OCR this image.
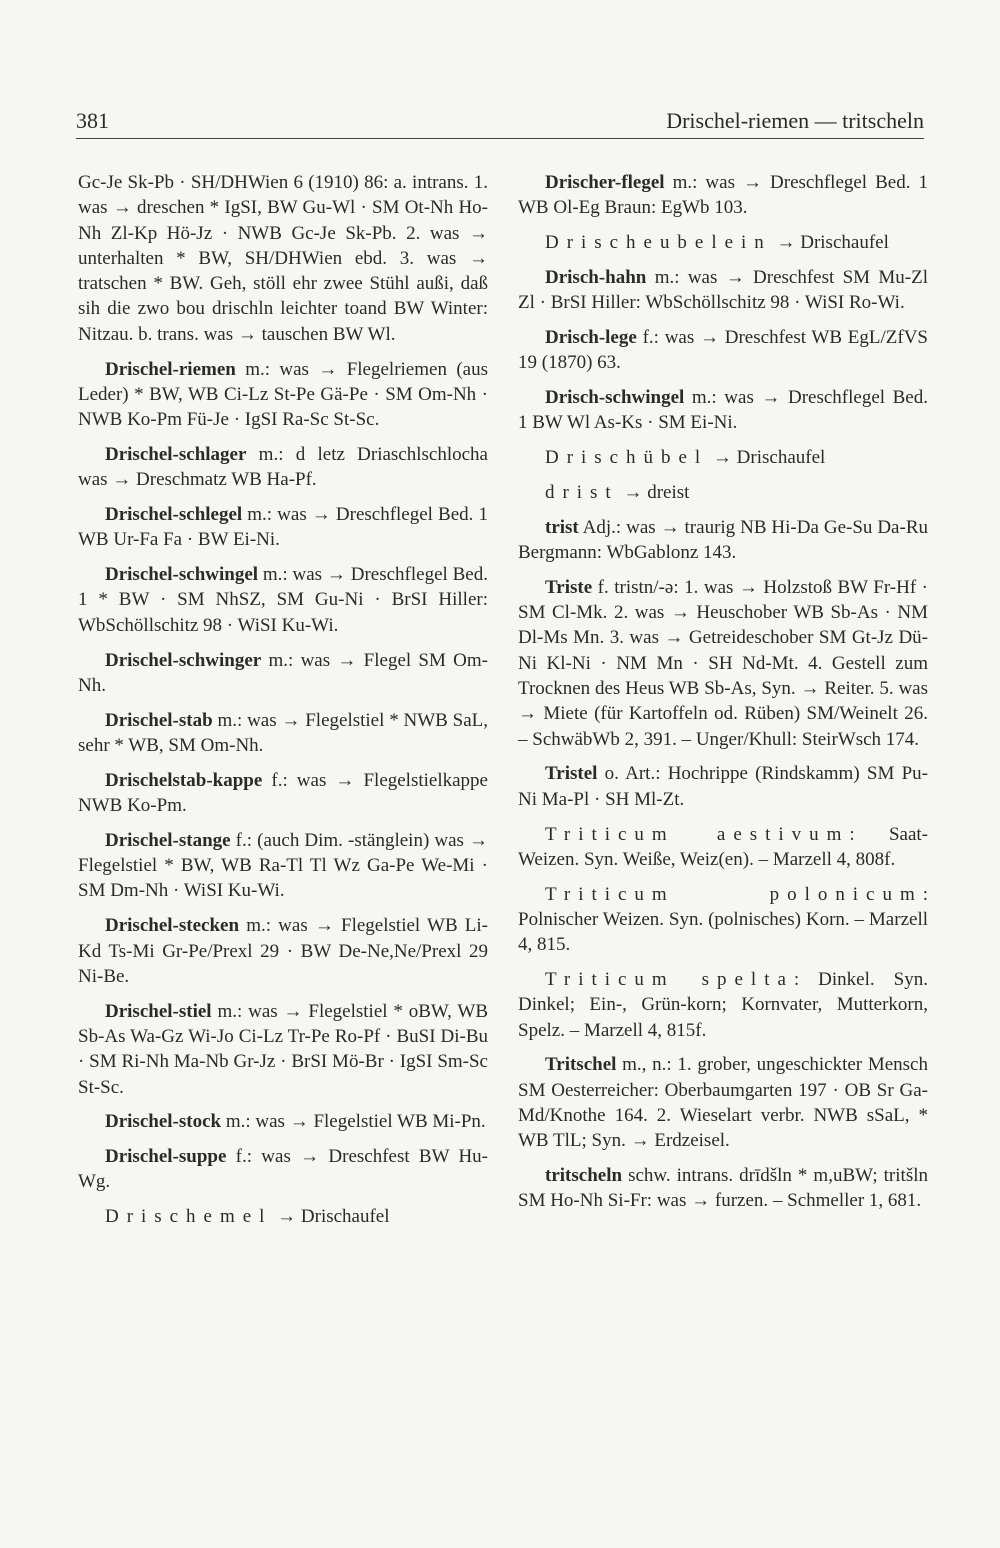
381	Drischel-riemen — tritscheln

Gc-Je Sk-Pb · SH/DHWien 6 (1910) 86: a. intrans. 1. was → dreschen * IgSI, BW Gu-Wl · SM Ot-Nh Ho-Nh Zl-Kp Hö-Jz · NWB Gc-Je Sk-Pb. 2. was → unterhalten * BW, SH/DHWien ebd. 3. was → tratschen * BW. Geh, stöll ehr zwee Stühl außi, daß sih die zwo bou drischln leichter toand BW Winter: Nitzau. b. trans. was → tauschen BW Wl.

Drischel-riemen m.: was → Flegelriemen (aus Leder) * BW, WB Ci-Lz St-Pe Gä-Pe · SM Om-Nh · NWB Ko-Pm Fü-Je · IgSI Ra-Sc St-Sc.

Drischel-schlager m.: d letz Driaschlschlocha was → Dreschmatz WB Ha-Pf.

Drischel-schlegel m.: was → Dreschflegel Bed. 1 WB Ur-Fa Fa · BW Ei-Ni.

Drischel-schwingel m.: was → Dreschflegel Bed. 1 * BW · SM NhSZ, SM Gu-Ni · BrSI Hiller: WbSchöllschitz 98 · WiSI Ku-Wi.

Drischel-schwinger m.: was → Flegel SM Om-Nh.

Drischel-stab m.: was → Flegelstiel * NWB SaL, sehr * WB, SM Om-Nh.

Drischelstab-kappe f.: was → Flegelstielkappe NWB Ko-Pm.

Drischel-stange f.: (auch Dim. -stänglein) was → Flegelstiel * BW, WB Ra-Tl Tl Wz Ga-Pe We-Mi · SM Dm-Nh · WiSI Ku-Wi.

Drischel-stecken m.: was → Flegelstiel WB Li-Kd Ts-Mi Gr-Pe/Prexl 29 · BW De-Ne,Ne/Prexl 29 Ni-Be.

Drischel-stiel m.: was → Flegelstiel * oBW, WB Sb-As Wa-Gz Wi-Jo Ci-Lz Tr-Pe Ro-Pf · BuSI Di-Bu · SM Ri-Nh Ma-Nb Gr-Jz · BrSI Mö-Br · IgSI Sm-Sc St-Sc.

Drischel-stock m.: was → Flegelstiel WB Mi-Pn.

Drischel-suppe f.: was → Dreschfest BW Hu-Wg.

Drischemel → Drischaufel

Drischer-flegel m.: was → Dreschflegel Bed. 1 WB Ol-Eg Braun: EgWb 103.

Drischeubelein → Drischaufel

Drisch-hahn m.: was → Dreschfest SM Mu-Zl Zl · BrSI Hiller: WbSchöllschitz 98 · WiSI Ro-Wi.

Drisch-lege f.: was → Dreschfest WB EgL/ZfVS 19 (1870) 63.

Drisch-schwingel m.: was → Dreschflegel Bed. 1 BW Wl As-Ks · SM Ei-Ni.

Drischübel → Drischaufel

drist → dreist

trist Adj.: was → traurig NB Hi-Da Ge-Su Da-Ru Bergmann: WbGablonz 143.

Triste f. tristn/-ə: 1. was → Holzstoß BW Fr-Hf · SM Cl-Mk. 2. was → Heuschober WB Sb-As · NM Dl-Ms Mn. 3. was → Getreideschober SM Gt-Jz Dü-Ni Kl-Ni · NM Mn · SH Nd-Mt. 4. Gestell zum Trocknen des Heus WB Sb-As, Syn. → Reiter. 5. was → Miete (für Kartoffeln od. Rüben) SM/Weinelt 26. – SchwäbWb 2, 391. – Unger/Khull: SteirWsch 174.

Tristel o. Art.: Hochrippe (Rindskamm) SM Pu-Ni Ma-Pl · SH Ml-Zt.

Triticum aestivum: Saat-Weizen. Syn. Weiße, Weiz(en). – Marzell 4, 808f.

Triticum polonicum: Polnischer Weizen. Syn. (polnisches) Korn. – Marzell 4, 815.

Triticum spelta: Dinkel. Syn. Dinkel; Ein-, Grün-korn; Kornvater, Mutterkorn, Spelz. – Marzell 4, 815f.

Tritschel m., n.: 1. grober, ungeschickter Mensch SM Oesterreicher: Oberbaumgarten 197 · OB Sr Ga-Md/Knothe 164. 2. Wieselart verbr. NWB sSaL, * WB TlL; Syn. → Erdzeisel.

tritscheln schw. intrans. drīdšln * m,uBW; tritšln SM Ho-Nh Si-Fr: was → furzen. – Schmeller 1, 681.
